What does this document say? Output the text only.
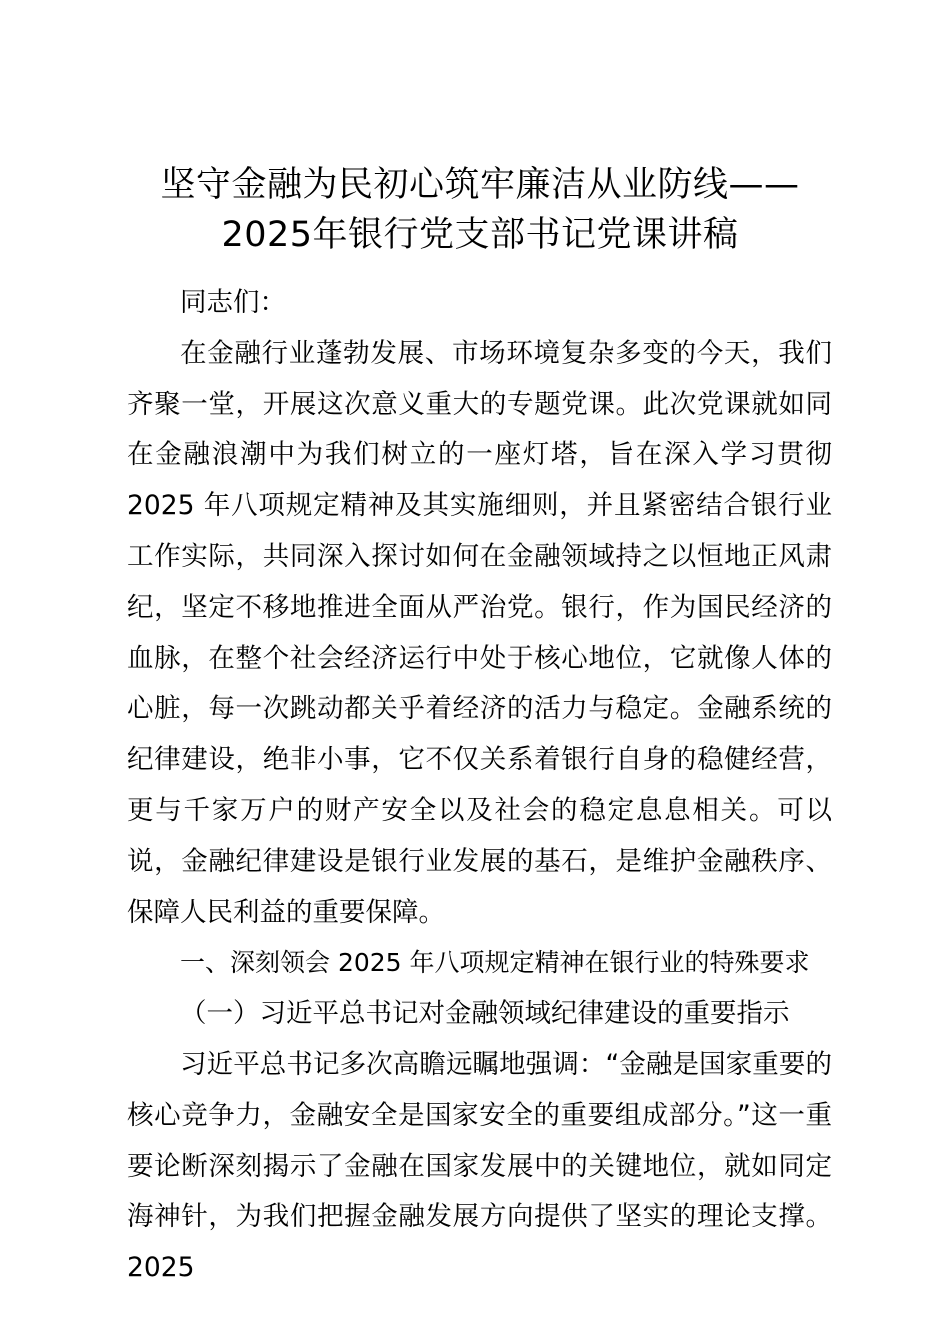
坚守金融为民初心筑牢廉洁从业防线——2025年银行党支部书记党课讲稿

同志们：

在金融行业蓬勃发展、市场环境复杂多变的今天，我们齐聚一堂，开展这次意义重大的专题党课。此次党课就如同在金融浪潮中为我们树立的一座灯塔，旨在深入学习贯彻 2025 年八项规定精神及其实施细则，并且紧密结合银行业工作实际，共同深入探讨如何在金融领域持之以恒地正风肃纪，坚定不移地推进全面从严治党。银行，作为国民经济的血脉，在整个社会经济运行中处于核心地位，它就像人体的心脏，每一次跳动都关乎着经济的活力与稳定。金融系统的纪律建设，绝非小事，它不仅关系着银行自身的稳健经营，更与千家万户的财产安全以及社会的稳定息息相关。可以说，金融纪律建设是银行业发展的基石，是维护金融秩序、保障人民利益的重要保障。

一、深刻领会 2025 年八项规定精神在银行业的特殊要求

（一）习近平总书记对金融领域纪律建设的重要指示

习近平总书记多次高瞻远瞩地强调：“金融是国家重要的核心竞争力，金融安全是国家安全的重要组成部分。”这一重要论断深刻揭示了金融在国家发展中的关键地位，就如同定海神针，为我们把握金融发展方向提供了坚实的理论支撑。2025
